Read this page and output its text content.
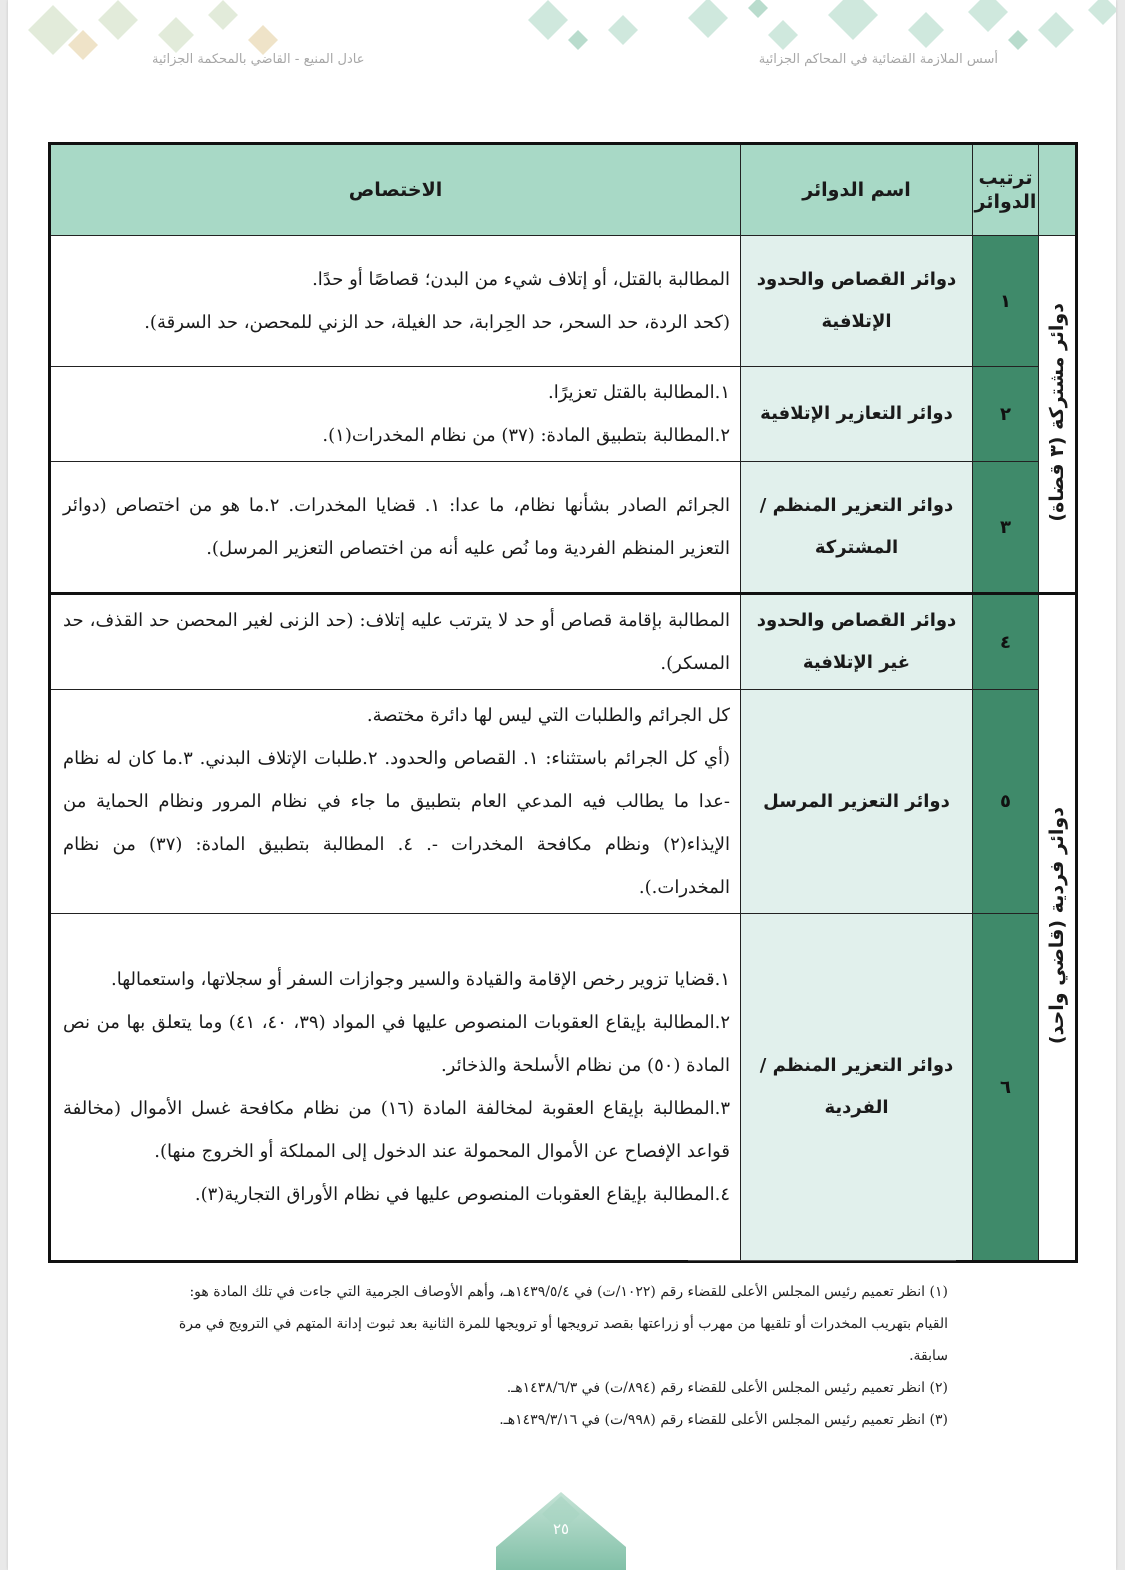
أسس الملازمة القضائية في المحاكم الجزائية
عادل المنيع - القاضي بالمحكمة الجزائية
	ترتيب الدوائر	اسم الدوائر	الاختصاص
دوائر مشتركة (٣ قضاة)	١	دوائر القصاص والحدود الإتلافية	المطالبة بالقتل، أو إتلاف شيء من البدن؛ قصاصًا أو حدًا.

(كحد الردة، حد السحر، حد الحِرابة، حد الغيلة، حد الزني للمحصن، حد السرقة).

	٢	دوائر التعازير الإتلافية	١.المطالبة بالقتل تعزيرًا.

٢.المطالبة بتطبيق المادة: (٣٧) من نظام المخدرات(١).

	٣	دوائر التعزير المنظم / المشتركة	الجرائم الصادر بشأنها نظام، ما عدا: ١. قضايا المخدرات. ٢.ما هو من اختصاص (دوائر التعزير المنظم الفردية وما نُص عليه أنه من اختصاص التعزير المرسل).

دوائر فردية (قاضي واحد)	٤	دوائر القصاص والحدود غير الإتلافية	المطالبة بإقامة قصاص أو حد لا يترتب عليه إتلاف: (حد الزنى لغير المحصن حد القذف، حد المسكر).

	٥	دوائر التعزير المرسل	كل الجرائم والطلبات التي ليس لها دائرة مختصة.

(أي كل الجرائم باستثناء: ١. القصاص والحدود. ٢.طلبات الإتلاف البدني. ٣.ما كان له نظام -عدا ما يطالب فيه المدعي العام بتطبيق ما جاء في نظام المرور ونظام الحماية من الإيذاء(٢) ونظام مكافحة المخدرات -. ٤. المطالبة بتطبيق المادة: (٣٧) من نظام المخدرات.).

	٦	دوائر التعزير المنظم / الفردية	١.قضايا تزوير رخص الإقامة والقيادة والسير وجوازات السفر أو سجلاتها، واستعمالها.

٢.المطالبة بإيقاع العقوبات المنصوص عليها في المواد (٣٩، ٤٠، ٤١) وما يتعلق بها من نص المادة (٥٠) من نظام الأسلحة والذخائر.

٣.المطالبة بإيقاع العقوبة لمخالفة المادة (١٦) من نظام مكافحة غسل الأموال (مخالفة قواعد الإفصاح عن الأموال المحمولة عند الدخول إلى المملكة أو الخروج منها).

٤.المطالبة بإيقاع العقوبات المنصوص عليها في نظام الأوراق التجارية(٣).

(١) انظر تعميم رئيس المجلس الأعلى للقضاء رقم (١٠٢٢/ت) في ١٤٣٩/٥/٤هـ، وأهم الأوصاف الجرمية التي جاءت في تلك المادة هو: القيام بتهريب المخدرات أو تلقيها من مهرب أو زراعتها بقصد ترويجها أو ترويجها للمرة الثانية بعد ثبوت إدانة المتهم في الترويج في مرة سابقة.

(٢) انظر تعميم رئيس المجلس الأعلى للقضاء رقم (٨٩٤/ت) في ١٤٣٨/٦/٣هـ.

(٣) انظر تعميم رئيس المجلس الأعلى للقضاء رقم (٩٩٨/ت) في ١٤٣٩/٣/١٦هـ.

٢٥
